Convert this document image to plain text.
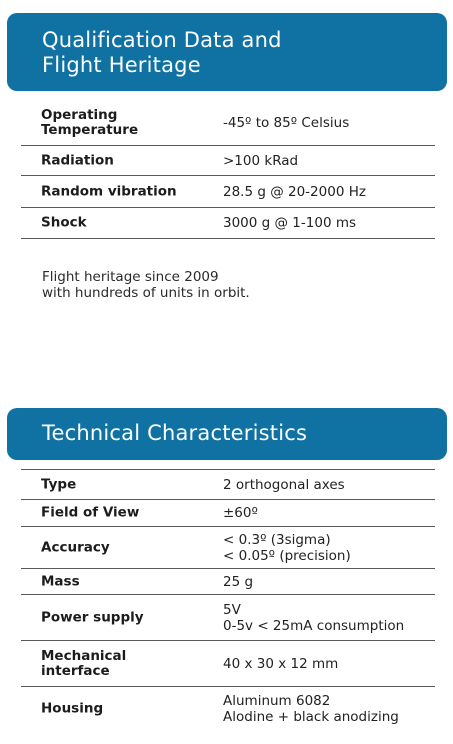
Qualification Data and
Flight Heritage
Operating
Temperature	-45º to 85º Celsius
Radiation	>100 kRad
Random vibration	28.5 g @ 20-2000 Hz
Shock	3000 g @ 1-100 ms
Flight heritage since 2009
with hundreds of units in orbit.
Technical Characteristics
Type	2 orthogonal axes
Field of View	±60º
Accuracy	< 0.3º (3sigma)
< 0.05º (precision)
Mass	25 g
Power supply	5V
0-5v < 25mA consumption
Mechanical
interface	40 x 30 x 12 mm
Housing	Aluminum 6082
Alodine + black anodizing
